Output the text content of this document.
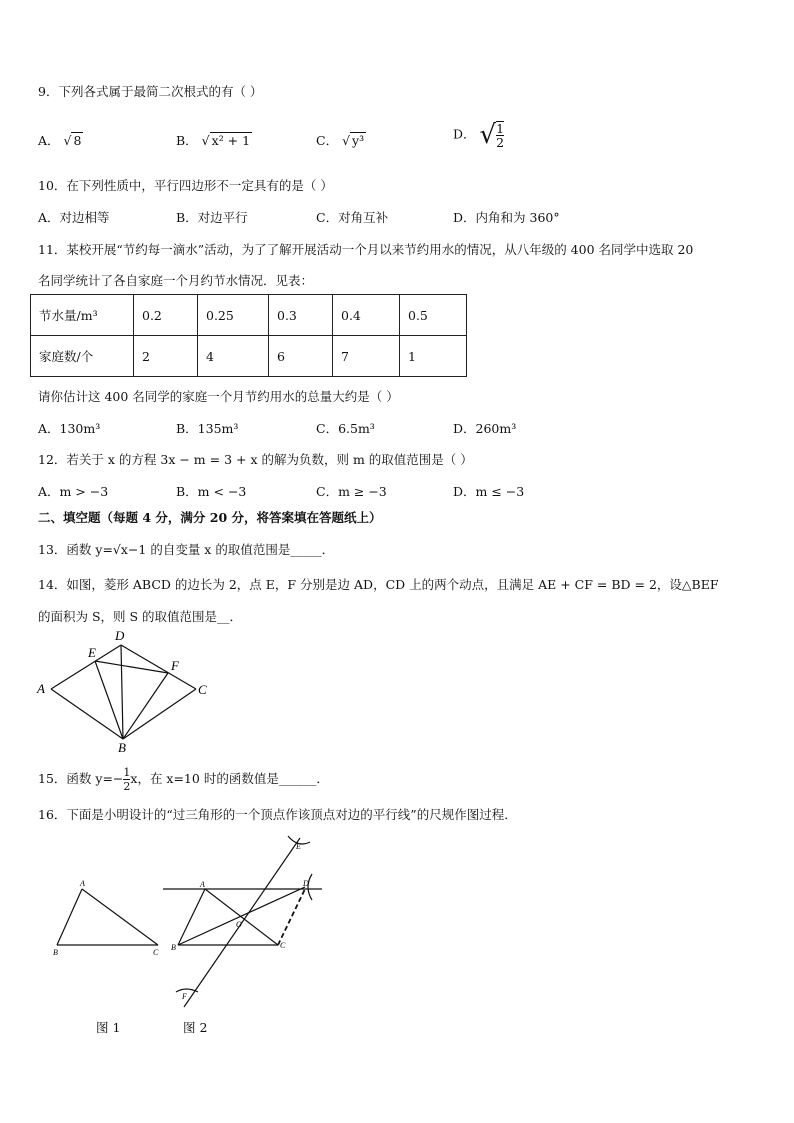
9．下列各式属于最简二次根式的有（ ）
A． √ 8	B． √ x² + 1	C． √ y³	D． √ $\frac{1}{2}$
10．在下列性质中，平行四边形不一定具有的是（ ）
A．对边相等	B．对边平行	C．对角互补	D．内角和为 360°
11．某校开展“节约每一滴水”活动，为了了解开展活动一个月以来节约用水的情况，从八年级的 400 名同学中选取 20
名同学统计了各自家庭一个月约节水情况．见表：
节水量/m³	0.2	0.25	0.3	0.4	0.5
家庭数/个	2	4	6	7	1
请你估计这 400 名同学的家庭一个月节约用水的总量大约是（ ）
A．130m³	B．135m³	C．6.5m³	D．260m³
12．若关于 x 的方程 3x − m = 3 + x 的解为负数，则 m 的取值范围是（ ）
A．m > −3	B．m < −3	C．m ≥ −3	D．m ≤ −3
二、填空题（每题 4 分，满分 20 分，将答案填在答题纸上）
13．函数 y=√x−1 的自变量 x 的取值范围是_____．
14．如图，菱形 ABCD 的边长为 2，点 E，F 分别是边 AD，CD 上的两个动点，且满足 AE + CF = BD = 2，设△BEF
的面积为 S，则 S 的取值范围是__．
A
D
E
F
C
B
A
B	C
A
B	C
D
E
F
O
15．函数 $y=- \frac{1}{2}$ x，在 x=10 时的函数值是______．
16．下面是小明设计的“过三角形的一个顶点作该顶点对边的平行线”的尺规作图过程．
图 1	图 2
